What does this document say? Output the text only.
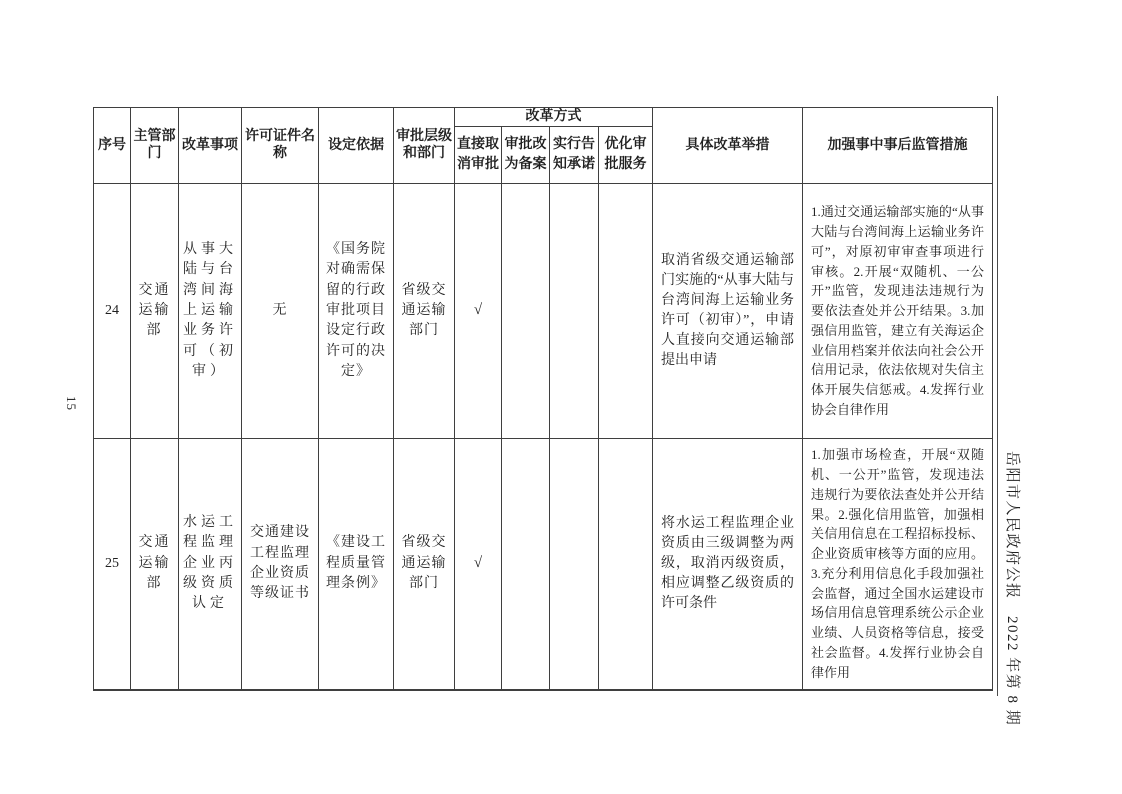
15
岳阳市人民政府公报　2022 年第 8 期
序号	主管部门	改革事项	许可证件名称	设定依据	审批层级和部门	改革方式				具体改革举措	加强事中事后监管措施
						直接取消审批	审批改为备案	实行告知承诺	优化审批服务		
24	交通运输部	从事大陆与台湾间海上运输业务许可（初审）	无	《国务院对确需保留的行政审批项目设定行政许可的决定》	省级交通运输部门	√				取消省级交通运输部门实施的“从事大陆与台湾间海上运输业务许可（初审）”，申请人直接向交通运输部提出申请	1.通过交通运输部实施的“从事大陆与台湾间海上运输业务许可”，对原初审审查事项进行审核。2.开展“双随机、一公开”监管，发现违法违规行为要依法查处并公开结果。3.加强信用监管，建立有关海运企业信用档案并依法向社会公开信用记录，依法依规对失信主体开展失信惩戒。4.发挥行业协会自律作用
25	交通运输部	水运工程监理企业丙级资质认定	交通建设工程监理企业资质等级证书	《建设工程质量管理条例》	省级交通运输部门	√				将水运工程监理企业资质由三级调整为两级，取消丙级资质，相应调整乙级资质的许可条件	1.加强市场检查，开展“双随机、一公开”监管，发现违法违规行为要依法查处并公开结果。2.强化信用监管，加强相关信用信息在工程招标投标、企业资质审核等方面的应用。3.充分利用信息化手段加强社会监督，通过全国水运建设市场信用信息管理系统公示企业业绩、人员资格等信息，接受社会监督。4.发挥行业协会自律作用
